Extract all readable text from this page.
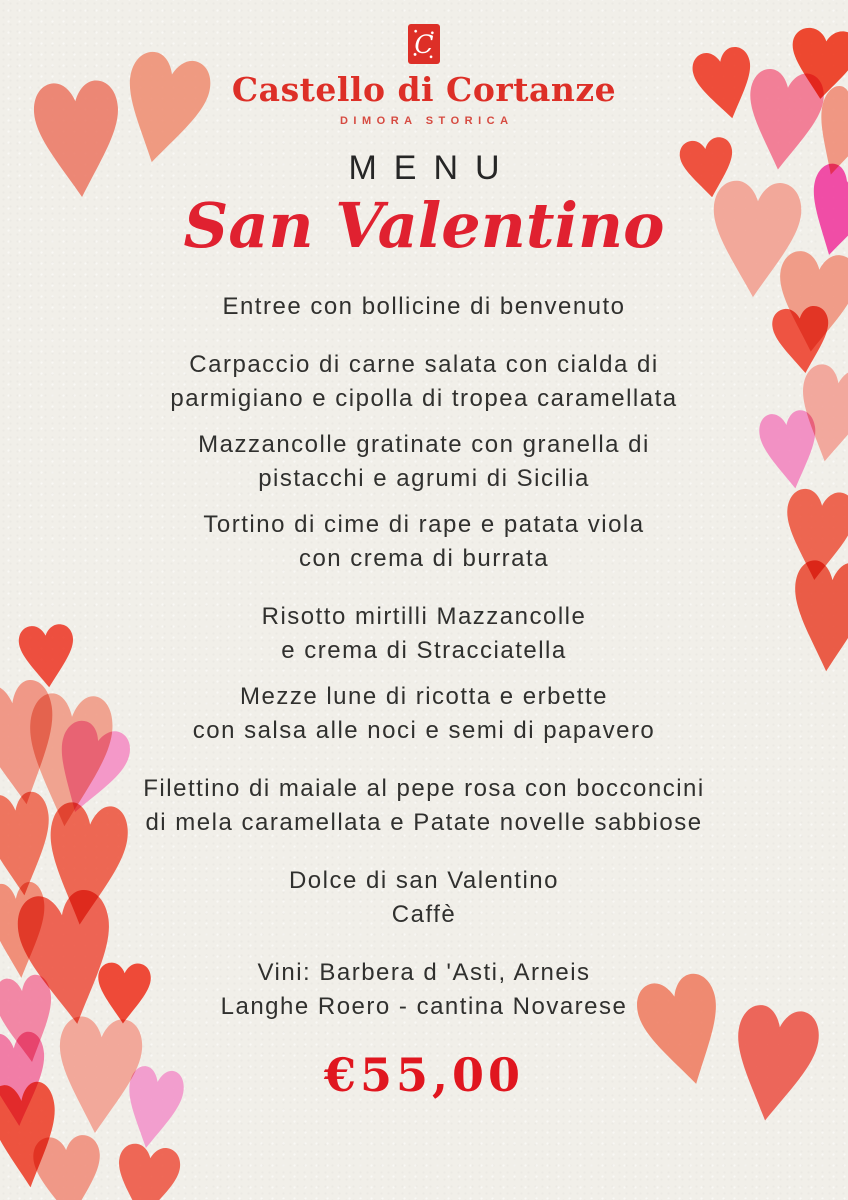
C
Castello di Cortanze
DIMORA STORICA
MENU
San Valentino

Entree con bollicine di benvenuto

Carpaccio di carne salata con cialda di
parmigiano e cipolla di tropea caramellata

Mazzancolle gratinate con granella di
pistacchi e agrumi di Sicilia

Tortino di cime di rape e patata viola
con crema di burrata

Risotto mirtilli Mazzancolle
e crema di Stracciatella

Mezze lune di ricotta e erbette
con salsa alle noci e semi di papavero

Filettino di maiale al pepe rosa con bocconcini
di mela caramellata e Patate novelle sabbiose

Dolce di san Valentino
Caffè

Vini: Barbera d 'Asti, Arneis
Langhe Roero - cantina Novarese

€55,00
